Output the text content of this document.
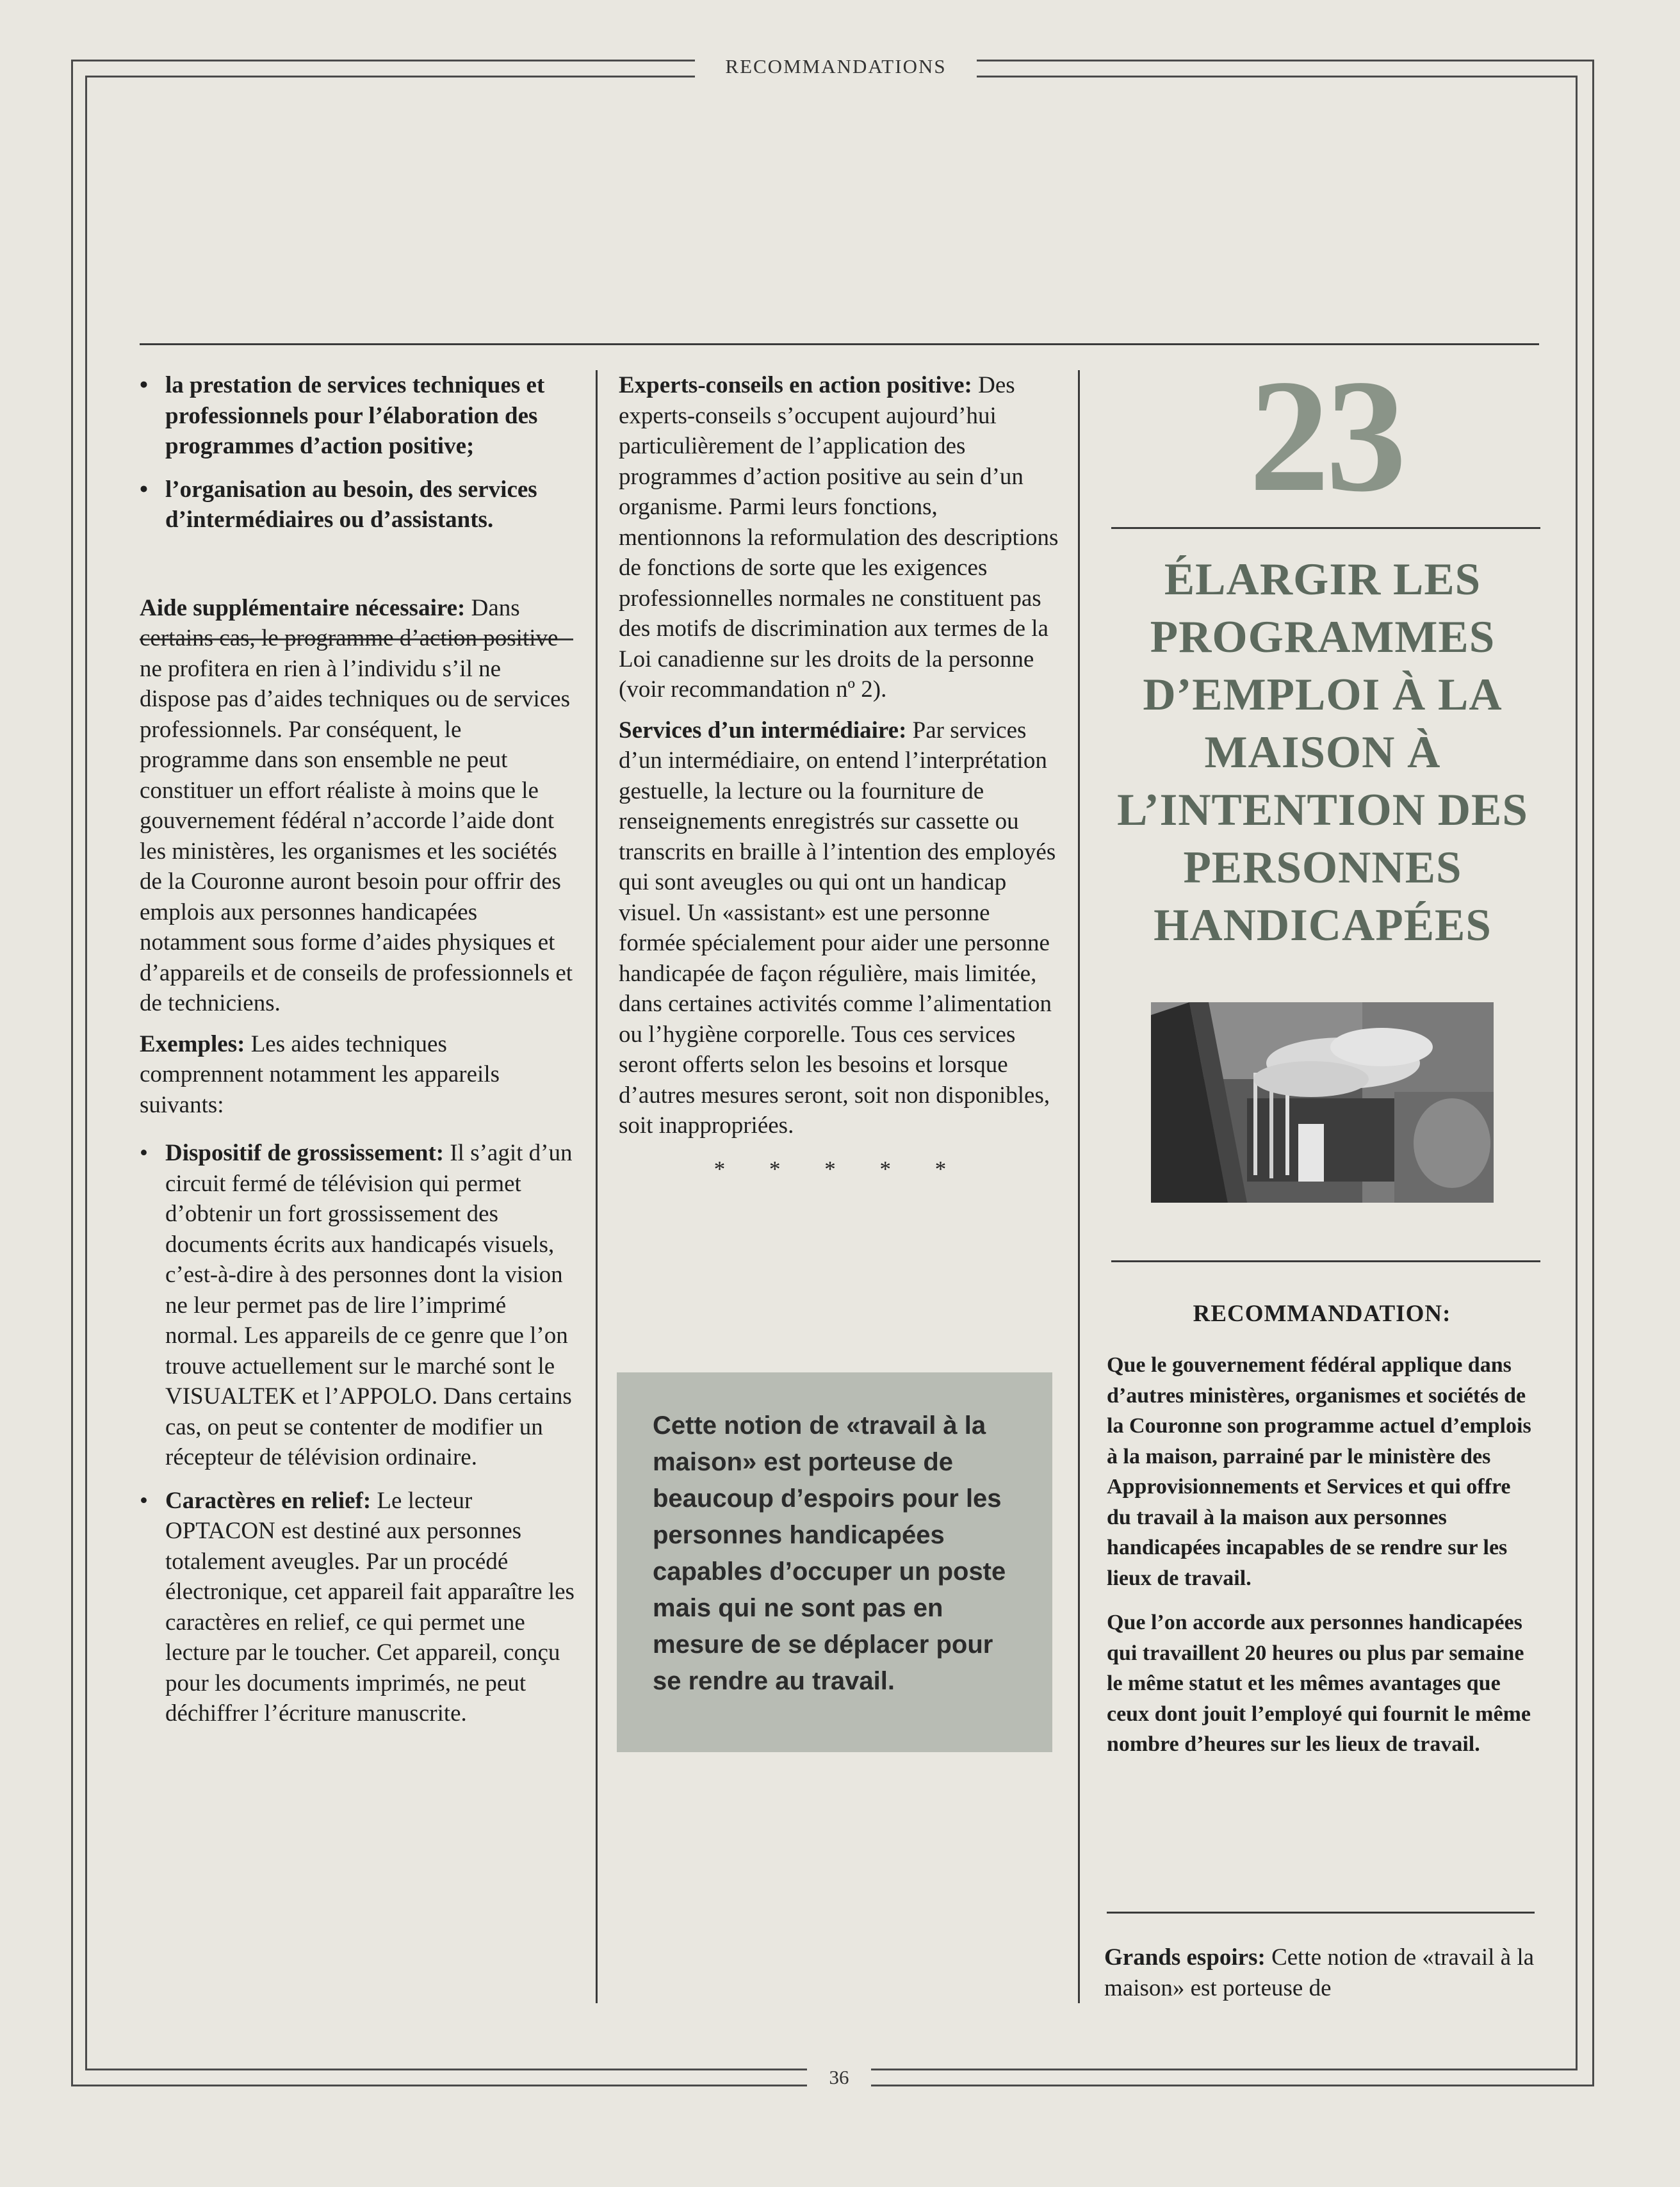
RECOMMANDATIONS
36
• la prestation de services techniques et professionnels pour l’élaboration des programmes d’action positive;
• l’organisation au besoin, des services d’intermédiaires ou d’assistants.

Aide supplémentaire nécessaire: Dans certains cas, le programme d’action positive ne profitera en rien à l’individu s’il ne dispose pas d’aides techniques ou de services professionnels. Par conséquent, le programme dans son ensemble ne peut constituer un effort réaliste à moins que le gouvernement fédéral n’accorde l’aide dont les ministères, les organismes et les sociétés de la Couronne auront besoin pour offrir des emplois aux personnes handicapées notamment sous forme d’aides physiques et d’appareils et de conseils de professionnels et de techniciens.

Exemples: Les aides techniques comprennent notamment les appareils suivants:

• Dispositif de grossissement: Il s’agit d’un circuit fermé de télévision qui permet d’obtenir un fort grossissement des documents écrits aux handicapés visuels, c’est-à-dire à des personnes dont la vision ne leur permet pas de lire l’imprimé normal. Les appareils de ce genre que l’on trouve actuellement sur le marché sont le VISUALTEK et l’APPOLO. Dans certains cas, on peut se contenter de modifier un récepteur de télévision ordinaire.
• Caractères en relief: Le lecteur OPTACON est destiné aux personnes totalement aveugles. Par un procédé électronique, cet appareil fait apparaître les caractères en relief, ce qui permet une lecture par le toucher. Cet appareil, conçu pour les documents imprimés, ne peut déchiffrer l’écriture manuscrite.

Experts-conseils en action positive: Des experts-conseils s’occupent aujourd’hui particulièrement de l’application des programmes d’action positive au sein d’un organisme. Parmi leurs fonctions, mentionnons la reformulation des descriptions de fonctions de sorte que les exigences professionnelles normales ne constituent pas des motifs de discrimination aux termes de la Loi canadienne sur les droits de la personne (voir recommandation nº 2).

Services d’un intermédiaire: Par services d’un intermédiaire, on entend l’interprétation gestuelle, la lecture ou la fourniture de renseignements enregistrés sur cassette ou transcrits en braille à l’intention des employés qui sont aveugles ou qui ont un handicap visuel. Un «assistant» est une personne formée spécialement pour aider une personne handicapée de façon régulière, mais limitée, dans certaines activités comme l’alimentation ou l’hygiène corporelle. Tous ces services seront offerts selon les besoins et lorsque d’autres mesures seront, soit non disponibles, soit inappropriées.

* * * * *
Cette notion de «travail à la maison» est porteuse de beaucoup d’espoirs pour les personnes handicapées capables d’occuper un poste mais qui ne sont pas en mesure de se déplacer pour se rendre au travail.
23
ÉLARGIR LES PROGRAMMES D’EMPLOI À LA MAISON À L’INTENTION DES PERSONNES HANDICAPÉES
RECOMMANDATION:

Que le gouvernement fédéral applique dans d’autres ministères, organismes et sociétés de la Couronne son programme actuel d’emplois à la maison, parrainé par le ministère des Approvisionnements et Services et qui offre du travail à la maison aux personnes handicapées incapables de se rendre sur les lieux de travail.

Que l’on accorde aux personnes handicapées qui travaillent 20 heures ou plus par semaine le même statut et les mêmes avantages que ceux dont jouit l’employé qui fournit le même nombre d’heures sur les lieux de travail.

Grands espoirs: Cette notion de «travail à la maison» est porteuse de
